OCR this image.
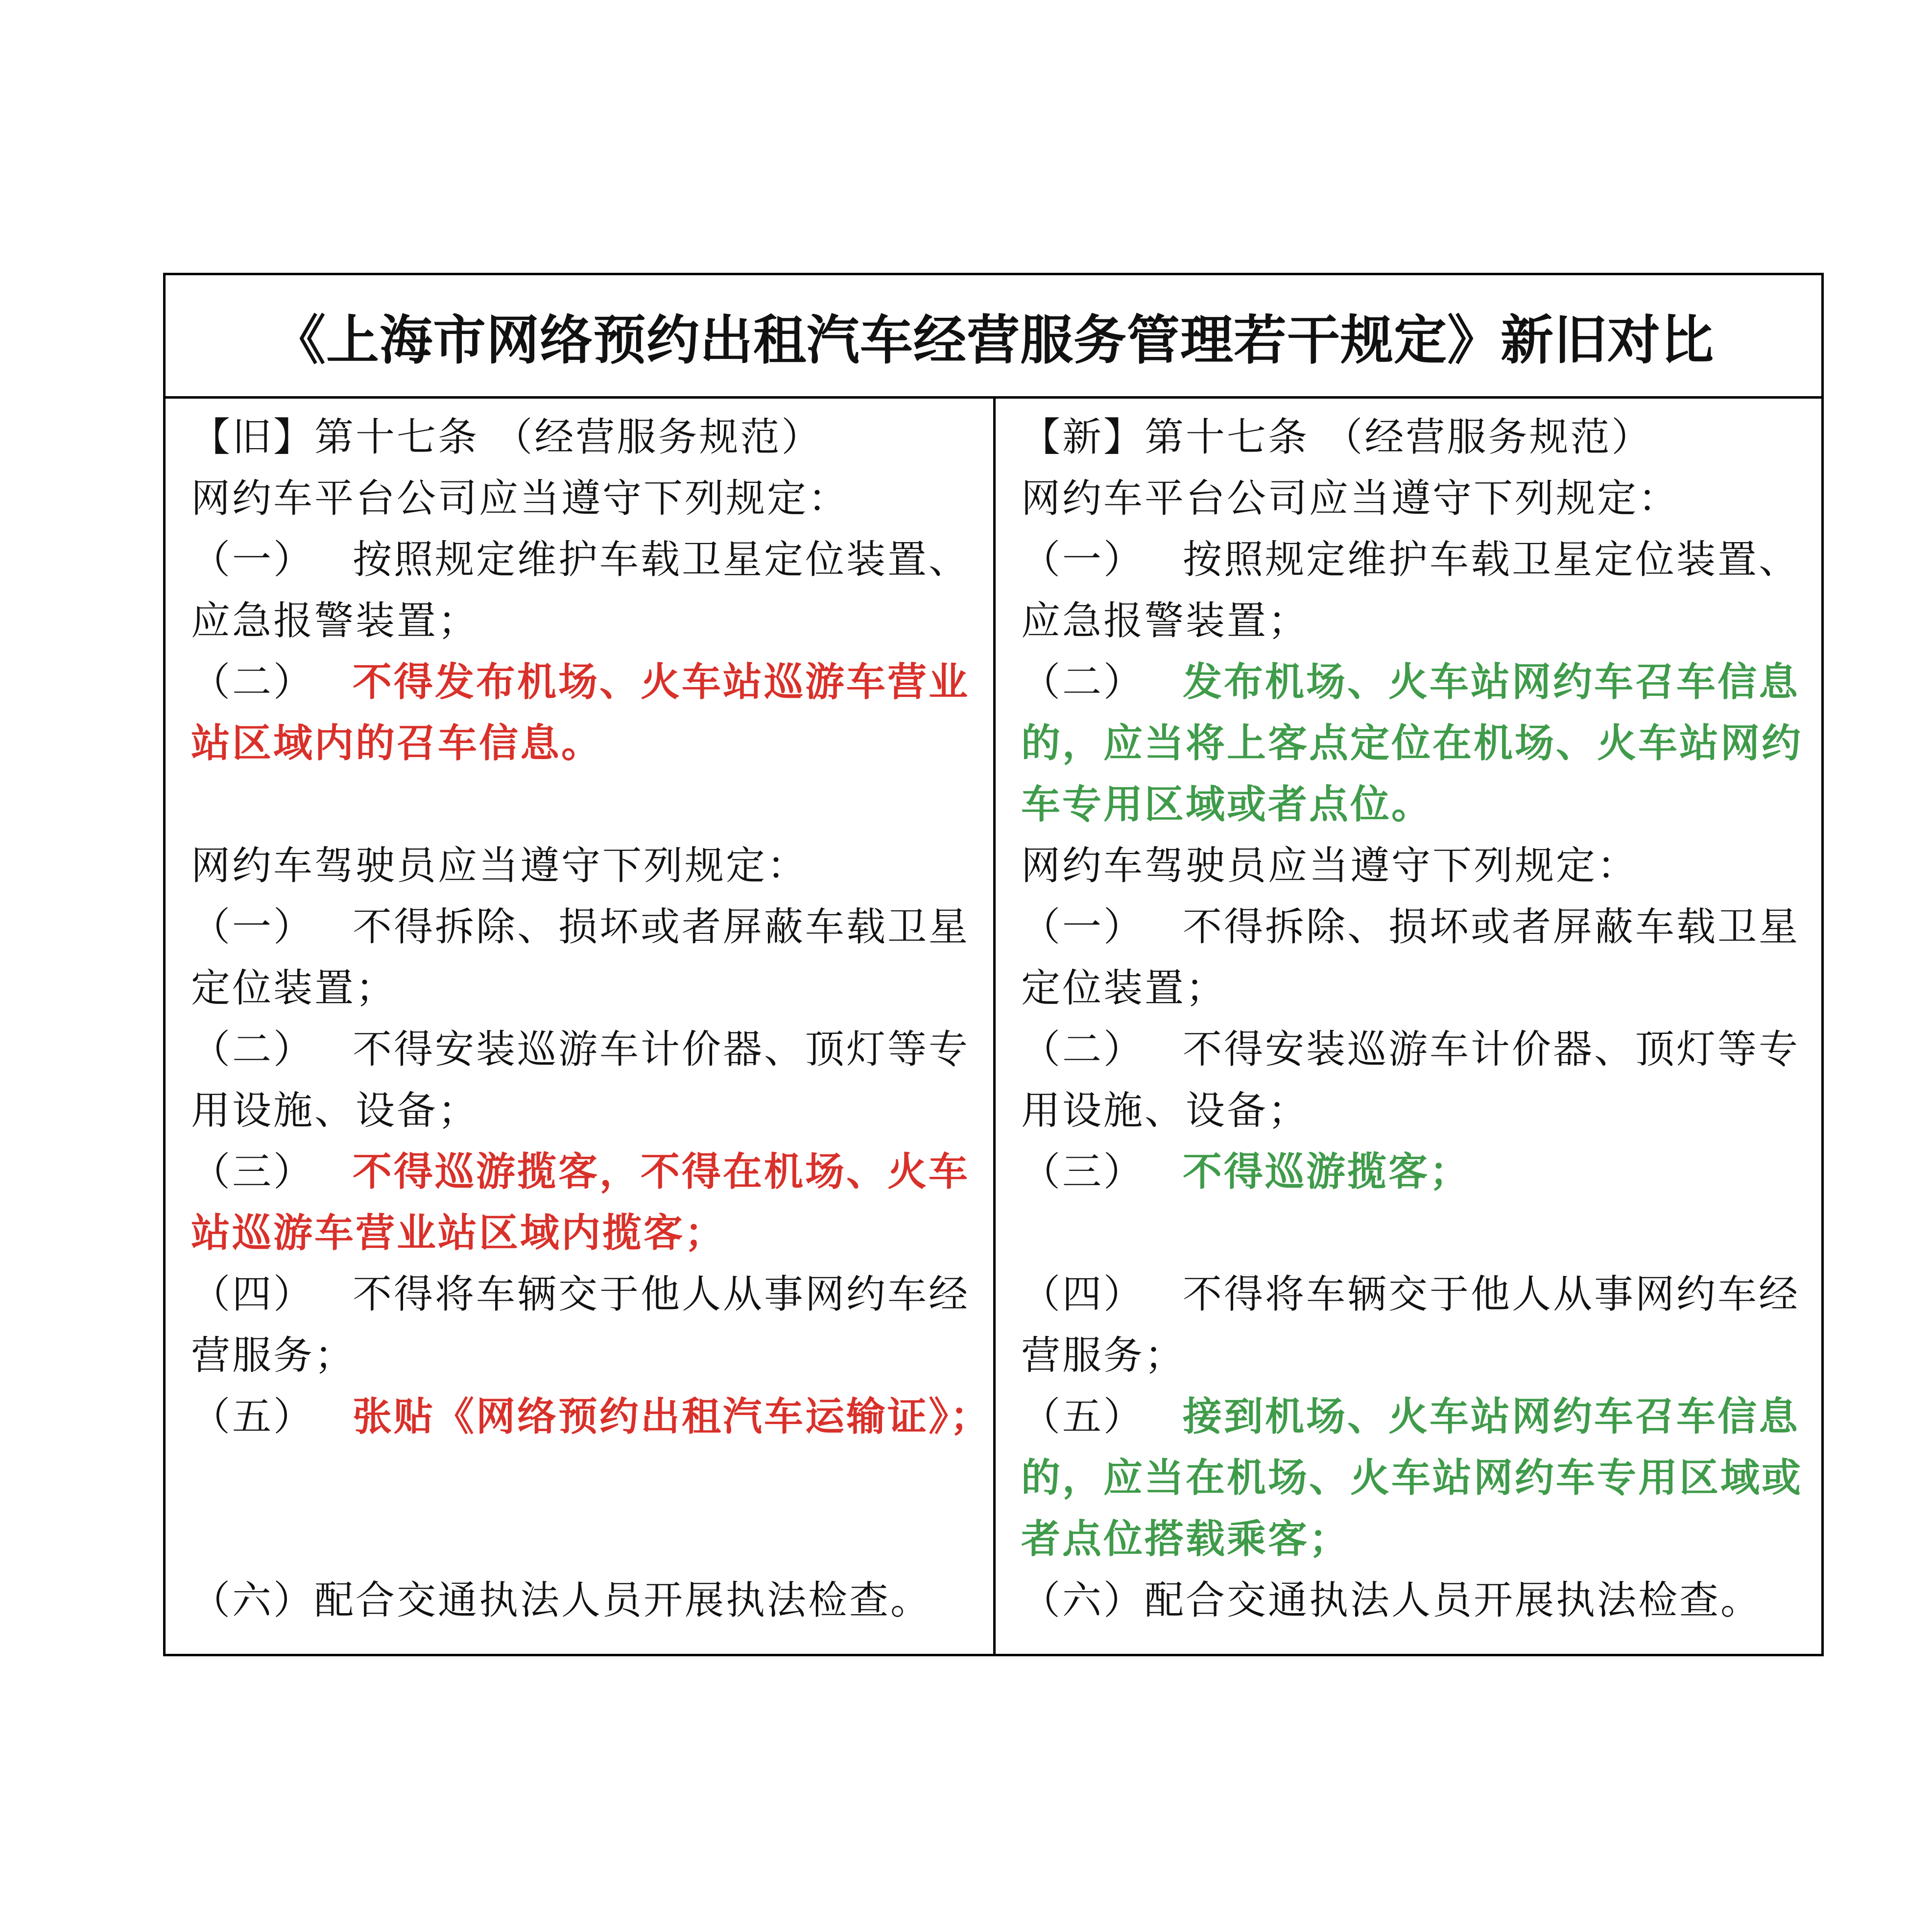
《上海市网络预约出租汽车经营服务管理若干规定》新旧对比
【旧】第十七条 （经营服务规范）
网约车平台公司应当遵守下列规定：
（一） 按照规定维护车载卫星定位装置、
应急报警装置；
（二） 不得发布机场、火车站巡游车营业
站区域内的召车信息。
网约车驾驶员应当遵守下列规定：
（一） 不得拆除、损坏或者屏蔽车载卫星
定位装置；
（二） 不得安装巡游车计价器、顶灯等专
用设施、设备；
（三） 不得巡游揽客，不得在机场、火车
站巡游车营业站区域内揽客；
（四） 不得将车辆交于他人从事网约车经
营服务；
（五） 张贴《网络预约出租汽车运输证》；
（六）配合交通执法人员开展执法检查。
【新】第十七条 （经营服务规范）
网约车平台公司应当遵守下列规定：
（一） 按照规定维护车载卫星定位装置、
应急报警装置；
（二） 发布机场、火车站网约车召车信息
的，应当将上客点定位在机场、火车站网约
车专用区域或者点位。
网约车驾驶员应当遵守下列规定：
（一） 不得拆除、损坏或者屏蔽车载卫星
定位装置；
（二） 不得安装巡游车计价器、顶灯等专
用设施、设备；
（三） 不得巡游揽客；
（四） 不得将车辆交于他人从事网约车经
营服务；
（五） 接到机场、火车站网约车召车信息
的，应当在机场、火车站网约车专用区域或
者点位搭载乘客；
（六）配合交通执法人员开展执法检查。
